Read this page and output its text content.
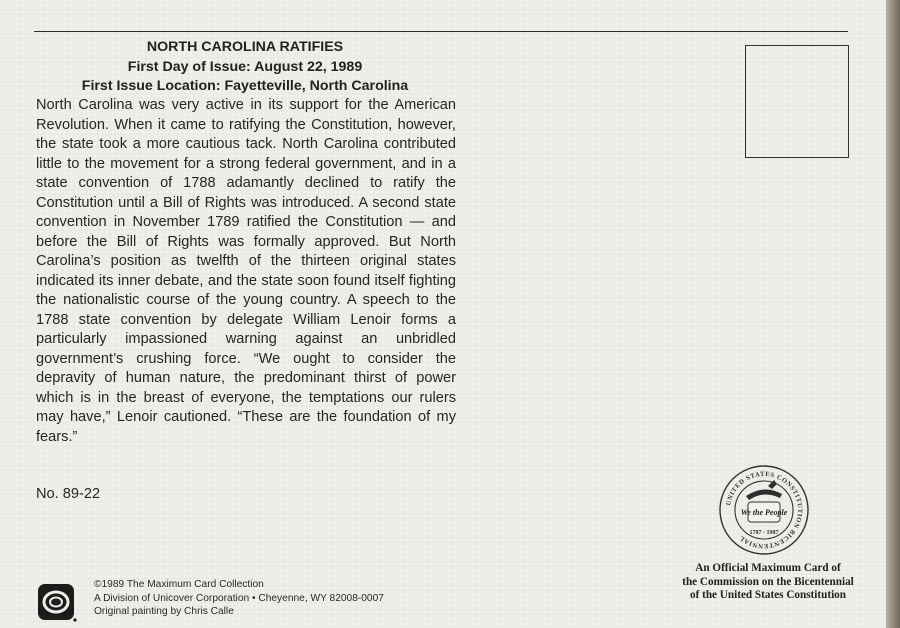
NORTH CAROLINA RATIFIES
First Day of Issue: August 22, 1989
First Issue Location: Fayetteville, North Carolina

North Carolina was very active in its support for the American Revolution. When it came to ratifying the Constitution, however, the state took a more cautious tack. North Carolina contributed little to the movement for a strong federal government, and in a state convention of 1788 adamantly declined to ratify the Constitution until a Bill of Rights was introduced. A second state convention in November 1789 ratified the Constitution — and before the Bill of Rights was formally approved. But North Carolina’s position as twelfth of the thirteen original states indicated its inner debate, and the state soon found itself fighting the nationalistic course of the young country. A speech to the 1788 state convention by delegate William Lenoir forms a particularly impassioned warning against an unbridled government’s crushing force. “We ought to consider the depravity of human nature, the predominant thirst of power which is in the breast of everyone, the temptations our rulers may have,” Lenoir cautioned. “These are the foundation of my fears.”

No. 89-22
UNITED STATES CONSTITUTION BICENTENNIAL
We the People
1787 · 1987
An Official Maximum Card of
the Commission on the Bicentennial
of the United States Constitution
©1989 The Maximum Card Collection
A Division of Unicover Corporation • Cheyenne, WY 82008-0007
Original painting by Chris Calle
